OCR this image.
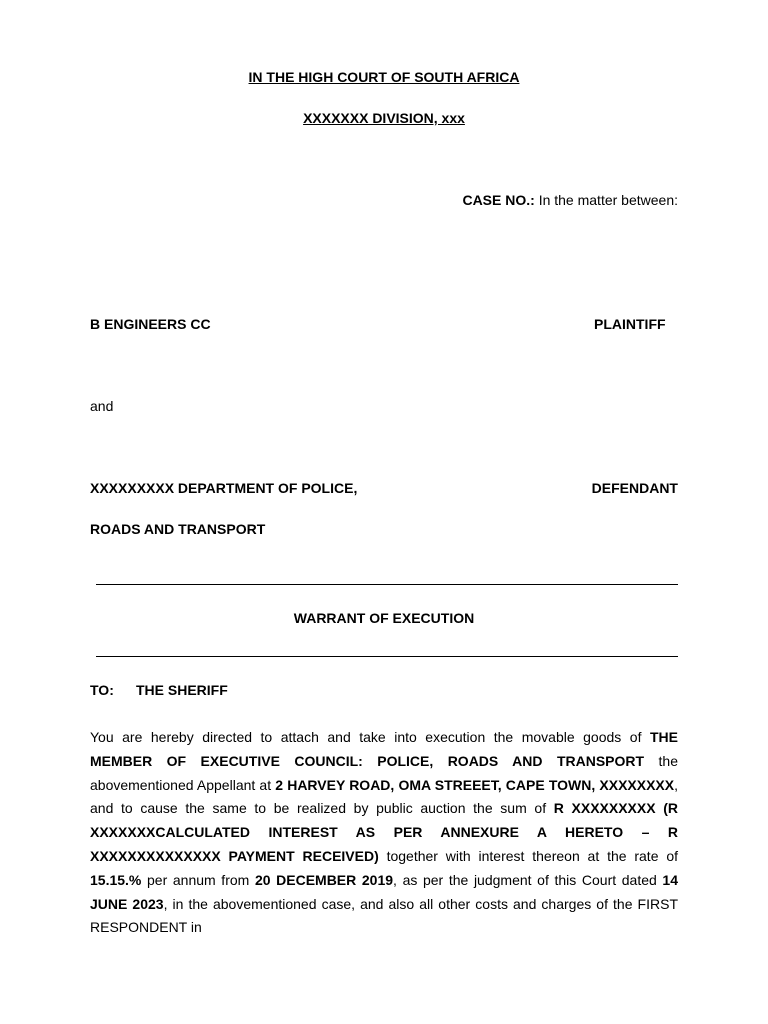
IN THE HIGH COURT OF SOUTH AFRICA
XXXXXXX DIVISION, xxx
CASE NO.: In the matter between:
B ENGINEERS CC	PLAINTIFF
and
XXXXXXXXX DEPARTMENT OF POLICE,	DEFENDANT
ROADS AND TRANSPORT
WARRANT OF EXECUTION
TO: THE SHERIFF
You are hereby directed to attach and take into execution the movable goods of THE MEMBER OF EXECUTIVE COUNCIL: POLICE, ROADS AND TRANSPORT the abovementioned Appellant at 2 HARVEY ROAD, OMA STREEET, CAPE TOWN, XXXXXXXX, and to cause the same to be realized by public auction the sum of R XXXXXXXXX (R XXXXXXXCALCULATED INTEREST AS PER ANNEXURE A HERETO – R XXXXXXXXXXXXXX PAYMENT RECEIVED) together with interest thereon at the rate of 15.15.% per annum from 20 DECEMBER 2019, as per the judgment of this Court dated 14 JUNE 2023, in the abovementioned case, and also all other costs and charges of the FIRST RESPONDENT in
